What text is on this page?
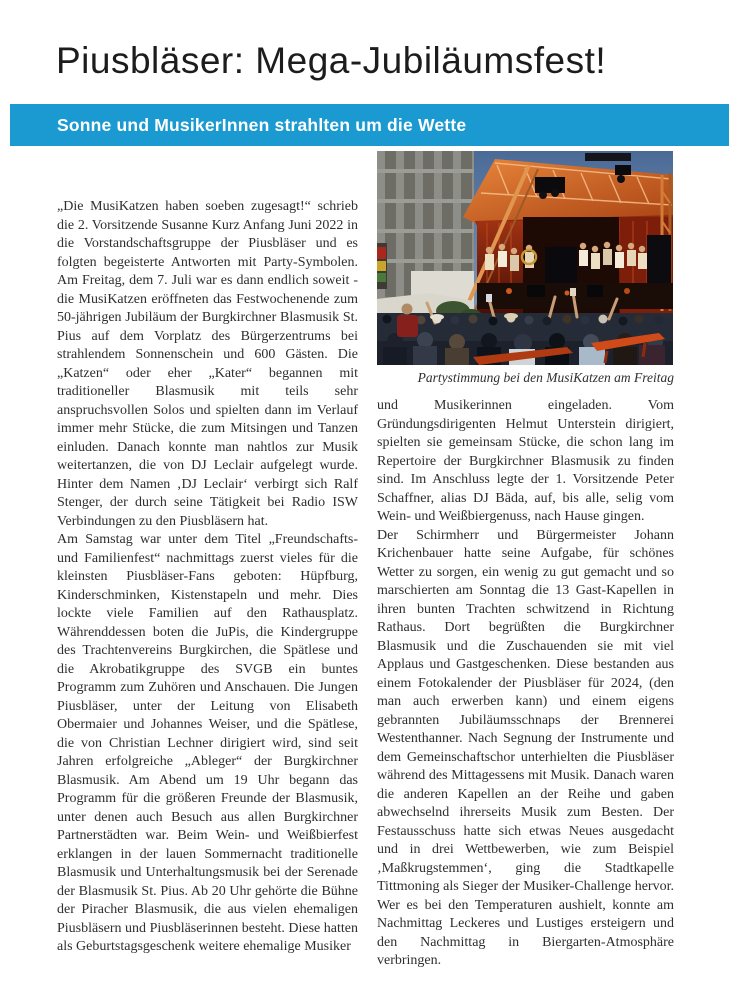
Piusbläser: Mega-Jubiläumsfest!
Sonne und MusikerInnen strahlten um die Wette

„Die MusiKatzen haben soeben zugesagt!“ schrieb die 2. Vorsitzende Susanne Kurz Anfang Juni 2022 in die Vorstandschaftsgruppe der Piusbläser und es folgten begeisterte Antworten mit Party-Symbolen. Am Freitag, dem 7. Juli war es dann endlich soweit - die MusiKatzen eröffneten das Festwochenende zum 50-jährigen Jubiläum der Burgkirchner Blasmusik St. Pius auf dem Vorplatz des Bürgerzentrums bei strahlendem Sonnenschein und 600 Gästen. Die „Katzen“ oder eher „Kater“ begannen mit traditioneller Blasmusik mit teils sehr anspruchsvollen Solos und spielten dann im Verlauf immer mehr Stücke, die zum Mitsingen und Tanzen einluden. Danach konnte man nahtlos zur Musik weitertanzen, die von DJ Leclair aufgelegt wurde. Hinter dem Namen ‚DJ Leclair‘ verbirgt sich Ralf Stenger, der durch seine Tätigkeit bei Radio ISW Verbindungen zu den Piusbläsern hat.

Am Samstag war unter dem Titel „Freundschafts- und Familienfest“ nachmittags zuerst vieles für die kleinsten Piusbläser-Fans geboten: Hüpfburg, Kinderschminken, Kistenstapeln und mehr. Dies lockte viele Familien auf den Rathausplatz. Währenddessen boten die JuPis, die Kindergruppe des Trachtenvereins Burgkirchen, die Spätlese und die Akrobatikgruppe des SVGB ein buntes Programm zum Zuhören und Anschauen. Die Jungen Piusbläser, unter der Leitung von Elisabeth Obermaier und Johannes Weiser, und die Spätlese, die von Christian Lechner dirigiert wird, sind seit Jahren erfolgreiche „Ableger“ der Burgkirchner Blasmusik. Am Abend um 19 Uhr begann das Programm für die größeren Freunde der Blasmusik, unter denen auch Besuch aus allen Burgkirchner Partnerstädten war. Beim Wein- und Weißbierfest erklangen in der lauen Sommernacht traditionelle Blasmusik und Unterhaltungsmusik bei der Serenade der Blasmusik St. Pius. Ab 20 Uhr gehörte die Bühne der Piracher Blasmusik, die aus vielen ehemaligen Piusbläsern und Piusbläserinnen besteht. Diese hatten als Geburtstagsgeschenk weitere ehemalige Musiker

Partystimmung bei den MusiKatzen am Freitag

und Musikerinnen eingeladen. Vom Gründungsdirigenten Helmut Unterstein dirigiert, spielten sie gemeinsam Stücke, die schon lang im Repertoire der Burgkirchner Blasmusik zu finden sind. Im Anschluss legte der 1. Vorsitzende Peter Schaffner, alias DJ Bäda, auf, bis alle, selig vom Wein- und Weißbiergenuss, nach Hause gingen.

Der Schirmherr und Bürgermeister Johann Krichenbauer hatte seine Aufgabe, für schönes Wetter zu sorgen, ein wenig zu gut gemacht und so marschierten am Sonntag die 13 Gast-Kapellen in ihren bunten Trachten schwitzend in Richtung Rathaus. Dort begrüßten die Burgkirchner Blasmusik und die Zuschauenden sie mit viel Applaus und Gastgeschenken. Diese bestanden aus einem Fotokalender der Piusbläser für 2024, (den man auch erwerben kann) und einem eigens gebrannten Jubiläumsschnaps der Brennerei Westenthanner. Nach Segnung der Instrumente und dem Gemeinschaftschor unterhielten die Piusbläser während des Mittagessens mit Musik. Danach waren die anderen Kapellen an der Reihe und gaben abwechselnd ihrerseits Musik zum Besten. Der Festausschuss hatte sich etwas Neues ausgedacht und in drei Wettbewerben, wie zum Beispiel ‚Maßkrugstemmen‘, ging die Stadtkapelle Tittmoning als Sieger der Musiker-Challenge hervor. Wer es bei den Temperaturen aushielt, konnte am Nachmittag Leckeres und Lustiges ersteigern und den Nachmittag in Biergarten-Atmosphäre verbringen.
